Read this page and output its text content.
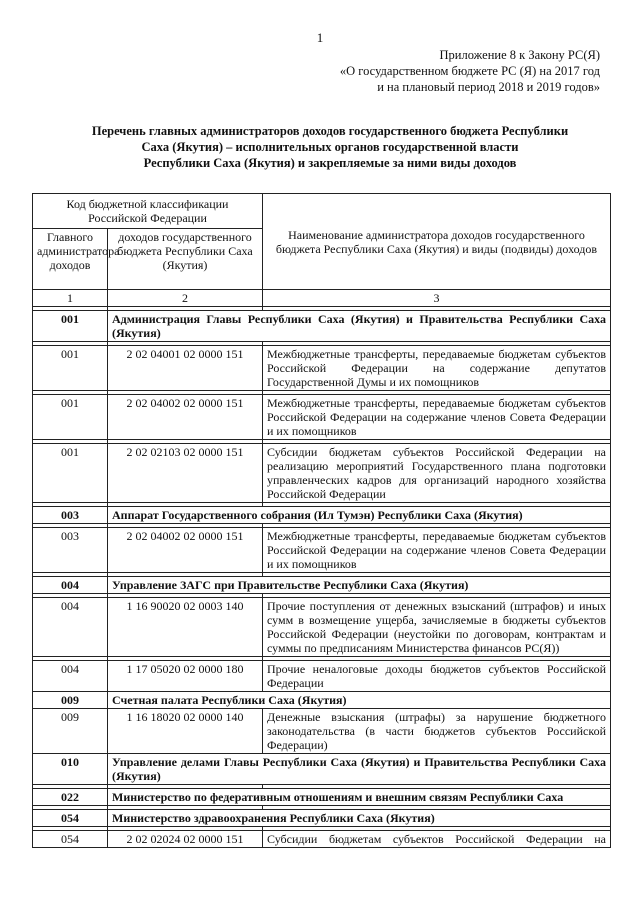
1
Приложение 8 к Закону РС(Я)
«О государственном бюджете РС (Я) на 2017 год
и на плановый период 2018 и 2019 годов»
Перечень главных администраторов доходов государственного бюджета Республики
Саха (Якутия) – исполнительных органов государственной власти
Республики Саха (Якутия) и закрепляемые за ними виды доходов
Код бюджетной классификации Российской Федерации		Наименование администратора доходов государственного бюджета Республики Саха (Якутия) и виды (подвиды) доходов
Главного администратора доходов	доходов государственного бюджета Республики Саха (Якутия)	
1	2	3

001	Администрация Главы Республики Саха (Якутия) и Правительства Республики Саха (Якутия)	

001	2 02 04001 02 0000 151	Межбюджетные трансферты, передаваемые бюджетам субъектов Российской Федерации на содержание депутатов Государственной Думы и их помощников

001	2 02 04002 02 0000 151	Межбюджетные трансферты, передаваемые бюджетам субъектов Российской Федерации на содержание членов Совета Федерации и их помощников

001	2 02 02103 02 0000 151	Субсидии бюджетам субъектов Российской Федерации на реализацию мероприятий Государственного плана подготовки управленческих кадров для организаций народного хозяйства Российской Федерации

003	Аппарат Государственного собрания (Ил Тумэн) Республики Саха (Якутия)	

003	2 02 04002 02 0000 151	Межбюджетные трансферты, передаваемые бюджетам субъектов Российской Федерации на содержание членов Совета Федерации и их помощников

004	Управление ЗАГС при Правительстве Республики Саха (Якутия)	

004	1 16 90020 02 0003 140	Прочие поступления от денежных взысканий (штрафов) и иных сумм в возмещение ущерба, зачисляемые в бюджеты субъектов Российской Федерации (неустойки по договорам, контрактам и суммы по предписаниям Министерства финансов РС(Я))

004	1 17 05020 02 0000 180	Прочие неналоговые доходы бюджетов субъектов Российской Федерации
009	Счетная палата Республики Саха (Якутия)	
009	1 16 18020 02 0000 140	Денежные взыскания (штрафы) за нарушение бюджетного законодательства (в части бюджетов субъектов Российской Федерации)
010	Управление делами Главы Республики Саха (Якутия) и Правительства Республики Саха (Якутия)	

022	Министерство по федеративным отношениям и внешним связям Республики Саха	

054	Министерство здравоохранения Республики Саха (Якутия)	

054	2 02 02024 02 0000 151	Субсидии бюджетам субъектов Российской Федерации на
